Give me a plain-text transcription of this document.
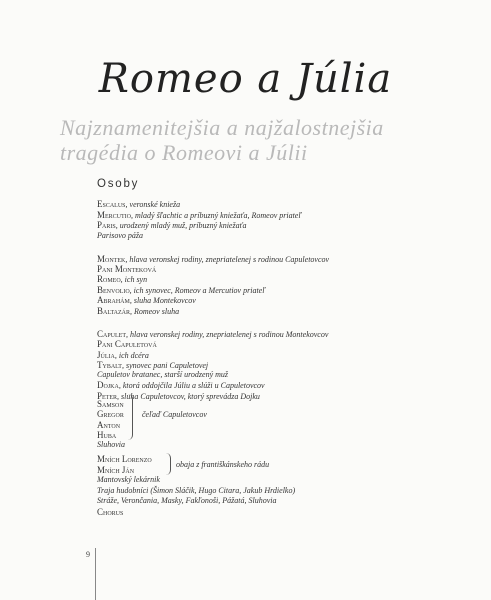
Romeo a Júlia
Najznamenitejšia a najžalostnejšia tragédia o Romeovi a Júlii
Osoby
Escalus, veronské knieža
Mercutio, mladý šľachtic a príbuzný kniežaťa, Romeov priateľ
Paris, urodzený mladý muž, príbuzný kniežaťa
Parisovo páža
Montek, hlava veronskej rodiny, znepriatelenej s rodinou Capuletovcov
Pani Monteková
Romeo, ich syn
Benvolio, ich synovec, Romeov a Mercutiov priateľ
Abrahám, sluha Montekovcov
Baltazár, Romeov sluha
Capulet, hlava veronskej rodiny, znepriatelenej s rodinou Montekovcov
Pani Capuletová
Júlia, ich dcéra
Tybalt, synovec pani Capuletovej
Capuletov bratanec, starší urodzený muž
Dojka, ktorá oddojčila Júliu a slúži u Capuletovcov
Peter, sluha Capuletovcov, ktorý sprevádza Dojku
Samson
Gregor
Anton
Huba
Sluhovia
Mních Lorenzo
Mních Ján
Mantovský lekárnik
Traja hudobníci (Šimon Sláčik, Hugo Citara, Jakub Hrdielko)
Stráže, Verončania, Masky, Fakľonoši, Pážatá, Sluhovia
Chorus
čeľaď Capuletovcov
obaja z františkánskeho rádu
9
